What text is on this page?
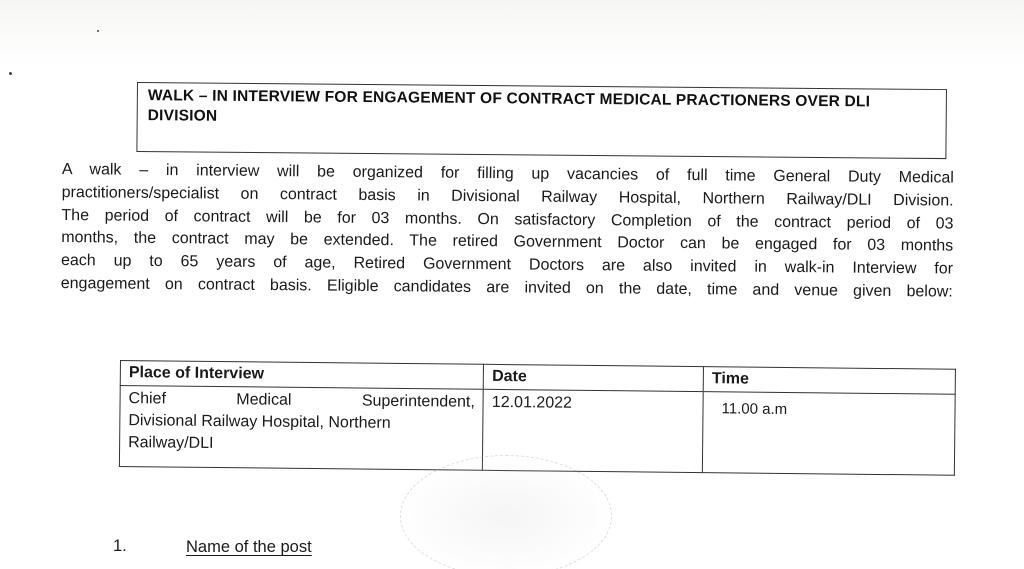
WALK – IN INTERVIEW FOR ENGAGEMENT OF CONTRACT MEDICAL PRACTIONERS OVER DLI
DIVISION
A walk – in interview will be organized for filling up vacancies of full time General Duty Medical
practitioners/specialist on contract basis in Divisional Railway Hospital, Northern Railway/DLI Division.
The period of contract will be for 03 months. On satisfactory Completion of the contract period of 03
months, the contract may be extended. The retired Government Doctor can be engaged for 03 months
each up to 65 years of age, Retired Government Doctors are also invited in walk-in Interview for
engagement on contract basis. Eligible candidates are invited on the date, time and venue given below:
Place of Interview	Date	Time

Chief Medical Superintendent,
Divisional Railway Hospital, Northern
Railway/DLI	12.01.2022	11.00 a.m
1.	Name of the post
